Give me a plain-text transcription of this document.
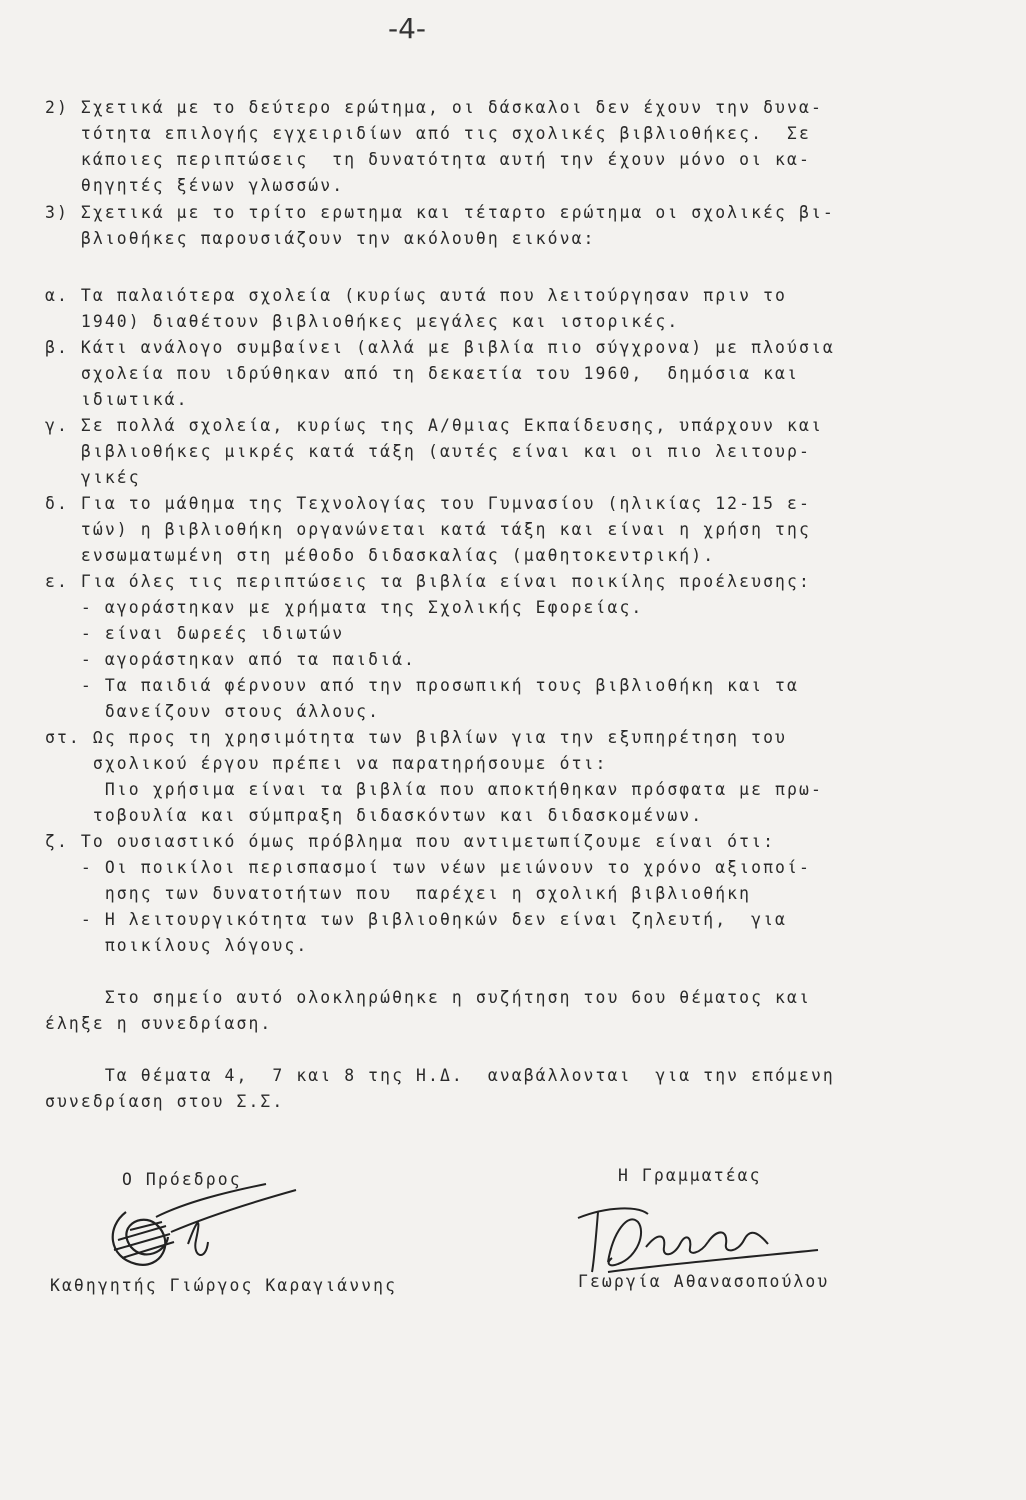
-4-
2) Σχετικά με το δεύτερο ερώτημα, οι δάσκαλοι δεν έχουν την δυνα-
τότητα επιλογής εγχειριδίων από τις σχολικές βιβλιοθήκες.  Σε
κάποιες περιπτώσεις  τη δυνατότητα αυτή την έχουν μόνο οι κα-
θηγητές ξένων γλωσσών.
3) Σχετικά με το τρίτο ερωτημα και τέταρτο ερώτημα οι σχολικές βι-
βλιοθήκες παρουσιάζουν την ακόλουθη εικόνα:
α. Τα παλαιότερα σχολεία (κυρίως αυτά που λειτούργησαν πριν το
1940) διαθέτουν βιβλιοθήκες μεγάλες και ιστορικές.
β. Κάτι ανάλογο συμβαίνει (αλλά με βιβλία πιο σύγχρονα) με πλούσια
σχολεία που ιδρύθηκαν από τη δεκαετία του 1960,  δημόσια και
ιδιωτικά.
γ. Σε πολλά σχολεία, κυρίως της Α/θμιας Εκπαίδευσης, υπάρχουν και
βιβλιοθήκες μικρές κατά τάξη (αυτές είναι και οι πιο λειτουρ-
γικές
δ. Για το μάθημα της Τεχνολογίας του Γυμνασίου (ηλικίας 12-15 ε-
τών) η βιβλιοθήκη οργανώνεται κατά τάξη και είναι η χρήση της
ενσωματωμένη στη μέθοδο διδασκαλίας (μαθητοκεντρική).
ε. Για όλες τις περιπτώσεις τα βιβλία είναι ποικίλης προέλευσης:
- αγοράστηκαν με χρήματα της Σχολικής Εφορείας.
- είναι δωρεές ιδιωτών
- αγοράστηκαν από τα παιδιά.
- Τα παιδιά φέρνουν από την προσωπική τους βιβλιοθήκη και τα
δανείζουν στους άλλους.
στ. Ως προς τη χρησιμότητα των βιβλίων για την εξυπηρέτηση του
σχολικού έργου πρέπει να παρατηρήσουμε ότι:
Πιο χρήσιμα είναι τα βιβλία που αποκτήθηκαν πρόσφατα με πρω-
τοβουλία και σύμπραξη διδασκόντων και διδασκομένων.
ζ. Το ουσιαστικό όμως πρόβλημα που αντιμετωπίζουμε είναι ότι:
- Οι ποικίλοι περισπασμοί των νέων μειώνουν το χρόνο αξιοποί-
ησης των δυνατοτήτων που  παρέχει η σχολική βιβλιοθήκη
- Η λειτουργικότητα των βιβλιοθηκών δεν είναι ζηλευτή,  για
ποικίλους λόγους.
Στο σημείο αυτό ολοκληρώθηκε η συζήτηση του 6ου θέματος και
έληξε η συνεδρίαση.
Τα θέματα 4,  7 και 8 της Η.Δ.  αναβάλλονται  για την επόμενη
συνεδρίαση στου Σ.Σ.
Ο Πρόεδρος	Η Γραμματέας
Καθηγητής Γιώργος Καραγιάννης	Γεωργία Αθανασοπούλου
